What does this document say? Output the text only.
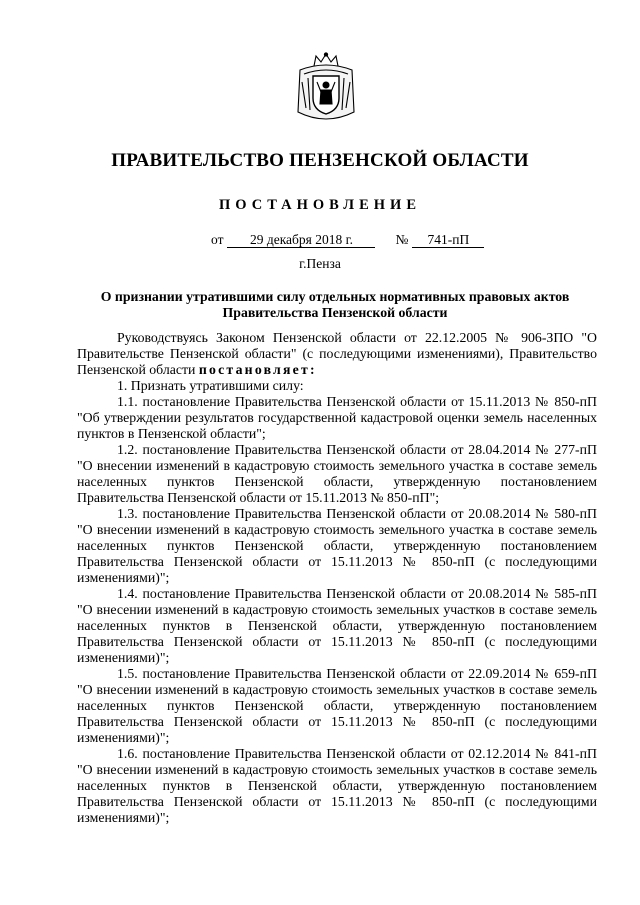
ПРАВИТЕЛЬСТВО ПЕНЗЕНСКОЙ ОБЛАСТИ
ПОСТАНОВЛЕНИЕ
от 29 декабря 2018 г.	№ 741-пП
г.Пенза
О признании утратившими силу отдельных нормативных правовых актов Правительства Пензенской области

Руководствуясь Законом Пензенской области от 22.12.2005 № 906-ЗПО "О Правительстве Пензенской области" (с последующими изменениями), Правительство Пензенской области постановляет:

1. Признать утратившими силу:

1.1. постановление Правительства Пензенской области от 15.11.2013 № 850-пП "Об утверждении результатов государственной кадастровой оценки земель населенных пунктов в Пензенской области";

1.2. постановление Правительства Пензенской области от 28.04.2014 № 277-пП "О внесении изменений в кадастровую стоимость земельного участка в составе земель населенных пунктов Пензенской области, утвержденную постановлением Правительства Пензенской области от 15.11.2013 № 850-пП";

1.3. постановление Правительства Пензенской области от 20.08.2014 № 580-пП "О внесении изменений в кадастровую стоимость земельного участка в составе земель населенных пунктов Пензенской области, утвержденную постановлением Правительства Пензенской области от 15.11.2013 № 850-пП (с последующими изменениями)";

1.4. постановление Правительства Пензенской области от 20.08.2014 № 585-пП "О внесении изменений в кадастровую стоимость земельных участков в составе земель населенных пунктов в Пензенской области, утвержденную постановлением Правительства Пензенской области от 15.11.2013 № 850-пП (с последующими изменениями)";

1.5. постановление Правительства Пензенской области от 22.09.2014 № 659-пП "О внесении изменений в кадастровую стоимость земельных участков в составе земель населенных пунктов Пензенской области, утвержденную постановлением Правительства Пензенской области от 15.11.2013 № 850-пП (с последующими изменениями)";

1.6. постановление Правительства Пензенской области от 02.12.2014 № 841-пП "О внесении изменений в кадастровую стоимость земельных участков в составе земель населенных пунктов в Пензенской области, утвержденную постановлением Правительства Пензенской области от 15.11.2013 № 850-пП (с последующими изменениями)";
